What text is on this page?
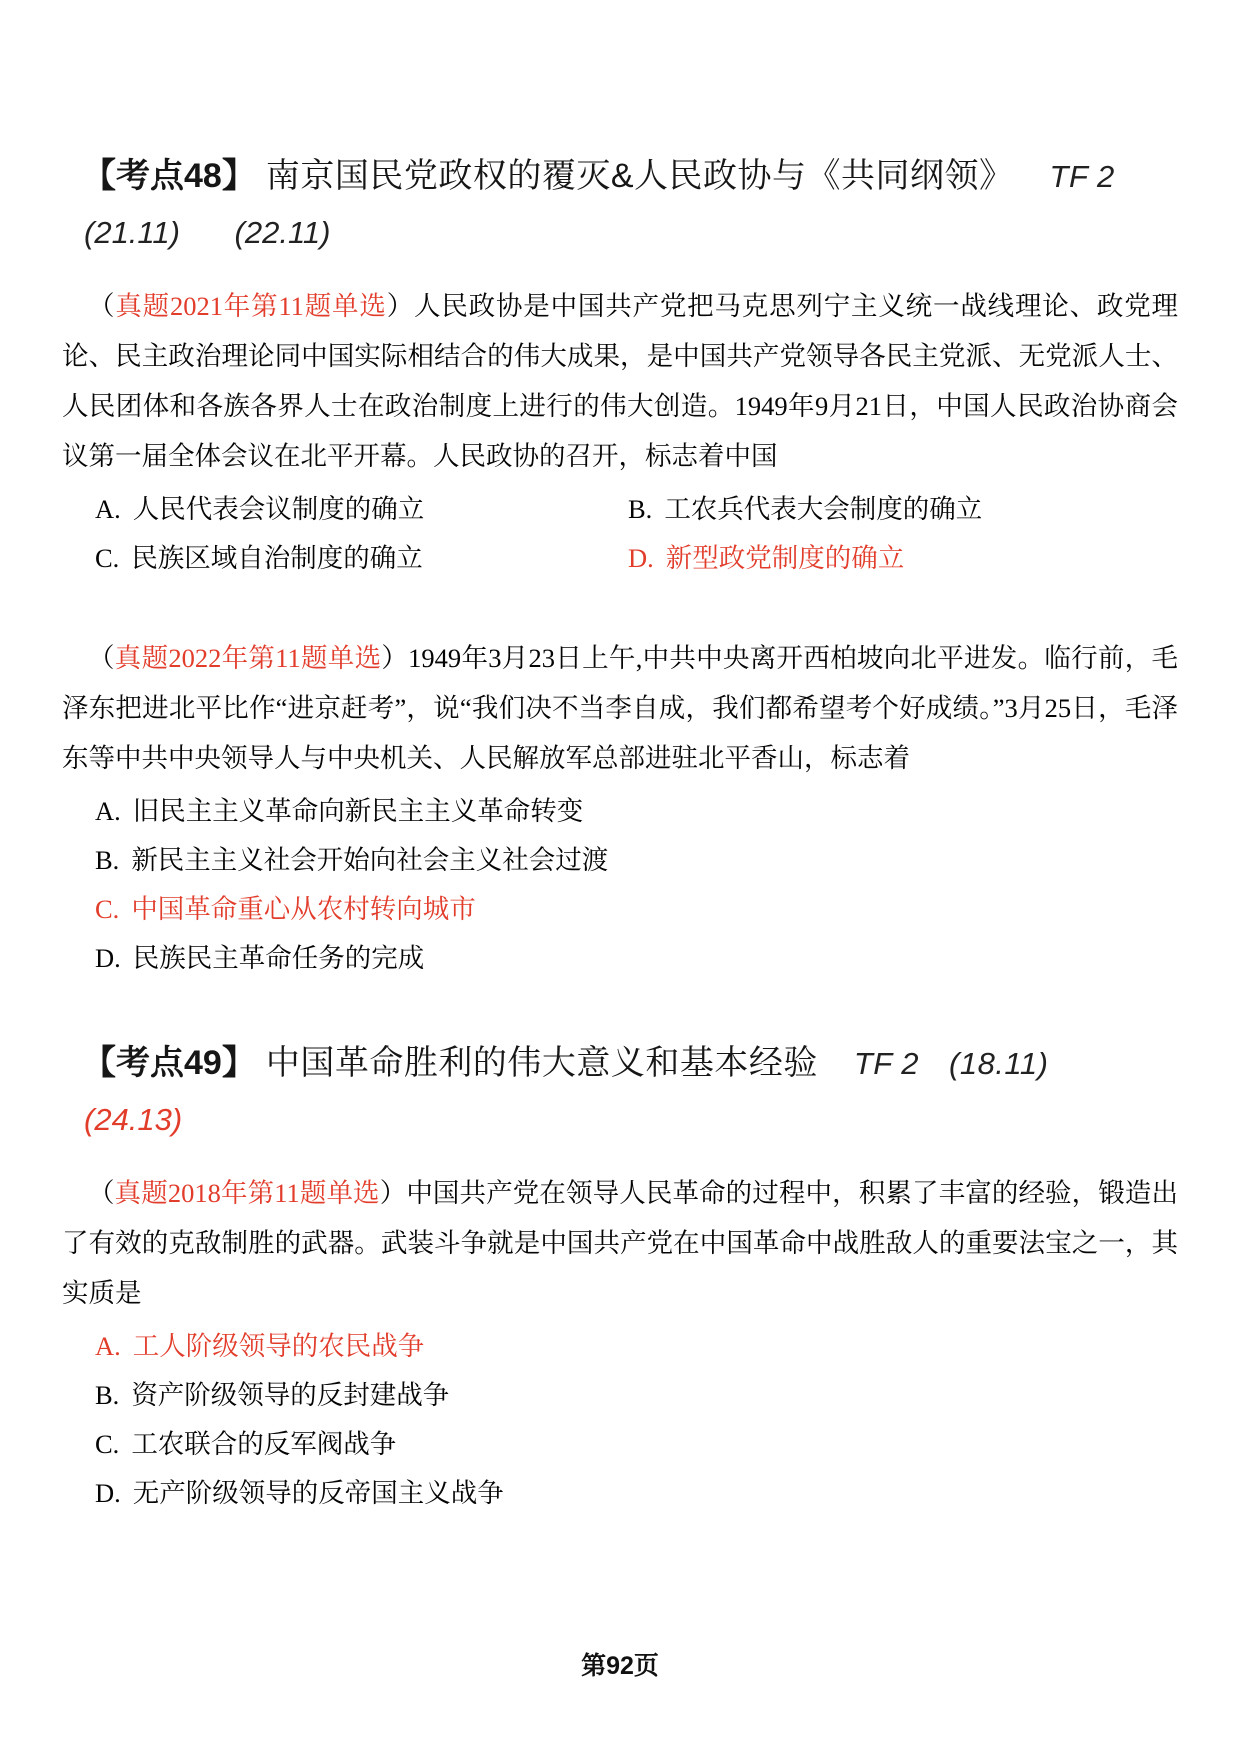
【考点48】 南京国民党政权的覆灭&人民政协与《共同纲领》 TF 2
(21.11) (22.11)

（真题2021年第11题单选）人民政协是中国共产党把马克思列宁主义统一战线理论、政党理论、民主政治理论同中国实际相结合的伟大成果，是中国共产党领导各民主党派、无党派人士、人民团体和各族各界人士在政治制度上进行的伟大创造。1949年9月21日，中国人民政治协商会议第一届全体会议在北平开幕。人民政协的召开，标志着中国

A. 人民代表会议制度的确立	B. 工农兵代表大会制度的确立
C. 民族区域自治制度的确立	D. 新型政党制度的确立

（真题2022年第11题单选）1949年3月23日上午,中共中央离开西柏坡向北平进发。临行前，毛泽东把进北平比作“进京赶考”，说“我们决不当李自成，我们都希望考个好成绩。”3月25日，毛泽东等中共中央领导人与中央机关、人民解放军总部进驻北平香山，标志着

A. 旧民主主义革命向新民主主义革命转变
B. 新民主主义社会开始向社会主义社会过渡
C. 中国革命重心从农村转向城市
D. 民族民主革命任务的完成
【考点49】 中国革命胜利的伟大意义和基本经验 TF 2 (18.11)
(24.13)

（真题2018年第11题单选）中国共产党在领导人民革命的过程中，积累了丰富的经验，锻造出了有效的克敌制胜的武器。武装斗争就是中国共产党在中国革命中战胜敌人的重要法宝之一，其实质是

A. 工人阶级领导的农民战争
B. 资产阶级领导的反封建战争
C. 工农联合的反军阀战争
D. 无产阶级领导的反帝国主义战争
第92页
